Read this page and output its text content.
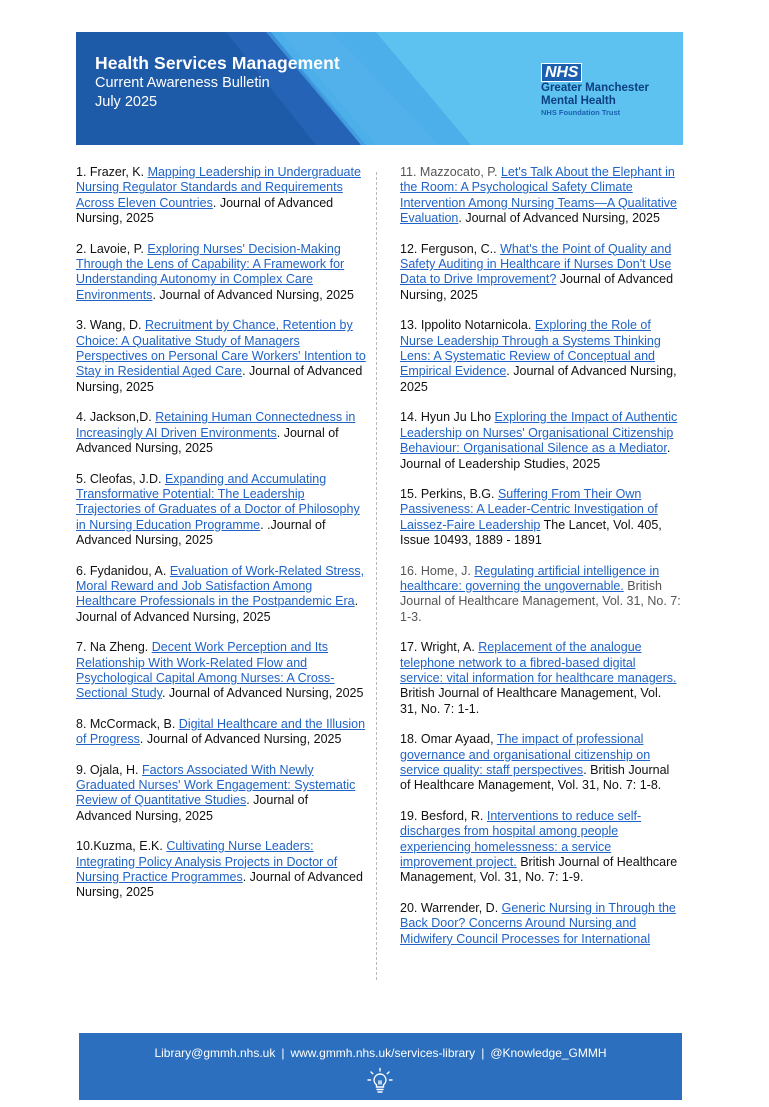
Health Services Management
Current Awareness Bulletin
July 2025
NHS
Greater Manchester
Mental Health
NHS Foundation Trust
1. Frazer, K. Mapping Leadership in Undergraduate Nursing Regulator Standards and Requirements Across Eleven Countries. Journal of Advanced Nursing, 2025
2. Lavoie, P. Exploring Nurses' Decision-Making Through the Lens of Capability: A Framework for Understanding Autonomy in Complex Care Environments. Journal of Advanced Nursing, 2025
3. Wang, D. Recruitment by Chance, Retention by Choice: A Qualitative Study of Managers Perspectives on Personal Care Workers' Intention to Stay in Residential Aged Care. Journal of Advanced Nursing, 2025
4. Jackson,D. Retaining Human Connectedness in Increasingly AI Driven Environments. Journal of Advanced Nursing, 2025
5. Cleofas, J.D. Expanding and Accumulating Transformative Potential: The Leadership Trajectories of Graduates of a Doctor of Philosophy in Nursing Education Programme. .Journal of Advanced Nursing, 2025
6. Fydanidou, A. Evaluation of Work-Related Stress, Moral Reward and Job Satisfaction Among Healthcare Professionals in the Postpandemic Era. Journal of Advanced Nursing, 2025
7. Na Zheng. Decent Work Perception and Its Relationship With Work-Related Flow and Psychological Capital Among Nurses: A Cross-Sectional Study. Journal of Advanced Nursing, 2025
8. McCormack, B. Digital Healthcare and the Illusion of Progress. Journal of Advanced Nursing, 2025
9. Ojala, H. Factors Associated With Newly Graduated Nurses' Work Engagement: Systematic Review of Quantitative Studies. Journal of Advanced Nursing, 2025
10.Kuzma, E.K. Cultivating Nurse Leaders: Integrating Policy Analysis Projects in Doctor of Nursing Practice Programmes. Journal of Advanced Nursing, 2025
11. Mazzocato, P. Let's Talk About the Elephant in the Room: A Psychological Safety Climate Intervention Among Nursing Teams—A Qualitative Evaluation. Journal of Advanced Nursing, 2025
12. Ferguson, C.. What's the Point of Quality and Safety Auditing in Healthcare if Nurses Don't Use Data to Drive Improvement? Journal of Advanced Nursing, 2025
13. Ippolito Notarnicola. Exploring the Role of Nurse Leadership Through a Systems Thinking Lens: A Systematic Review of Conceptual and Empirical Evidence. Journal of Advanced Nursing, 2025
14. Hyun Ju Lho Exploring the Impact of Authentic Leadership on Nurses' Organisational Citizenship Behaviour: Organisational Silence as a Mediator. Journal of Leadership Studies, 2025
15. Perkins, B.G. Suffering From Their Own Passiveness: A Leader-Centric Investigation of Laissez-Faire Leadership The Lancet, Vol. 405, Issue 10493, 1889 - 1891
16. Home, J. Regulating artificial intelligence in healthcare: governing the ungovernable. British Journal of Healthcare Management, Vol. 31, No. 7: 1-3.
17. Wright, A. Replacement of the analogue telephone network to a fibred-based digital service: vital information for healthcare managers. British Journal of Healthcare Management, Vol. 31, No. 7: 1-1.
18. Omar Ayaad, The impact of professional governance and organisational citizenship on service quality: staff perspectives. British Journal of Healthcare Management, Vol. 31, No. 7: 1-8.
19. Besford, R. Interventions to reduce self-discharges from hospital among people experiencing homelessness: a service improvement project. British Journal of Healthcare Management, Vol. 31, No. 7: 1-9.
20. Warrender, D. Generic Nursing in Through the Back Door? Concerns Around Nursing and Midwifery Council Processes for International
Library@gmmh.nhs.uk | www.gmmh.nhs.uk/services-library | @Knowledge_GMMH
